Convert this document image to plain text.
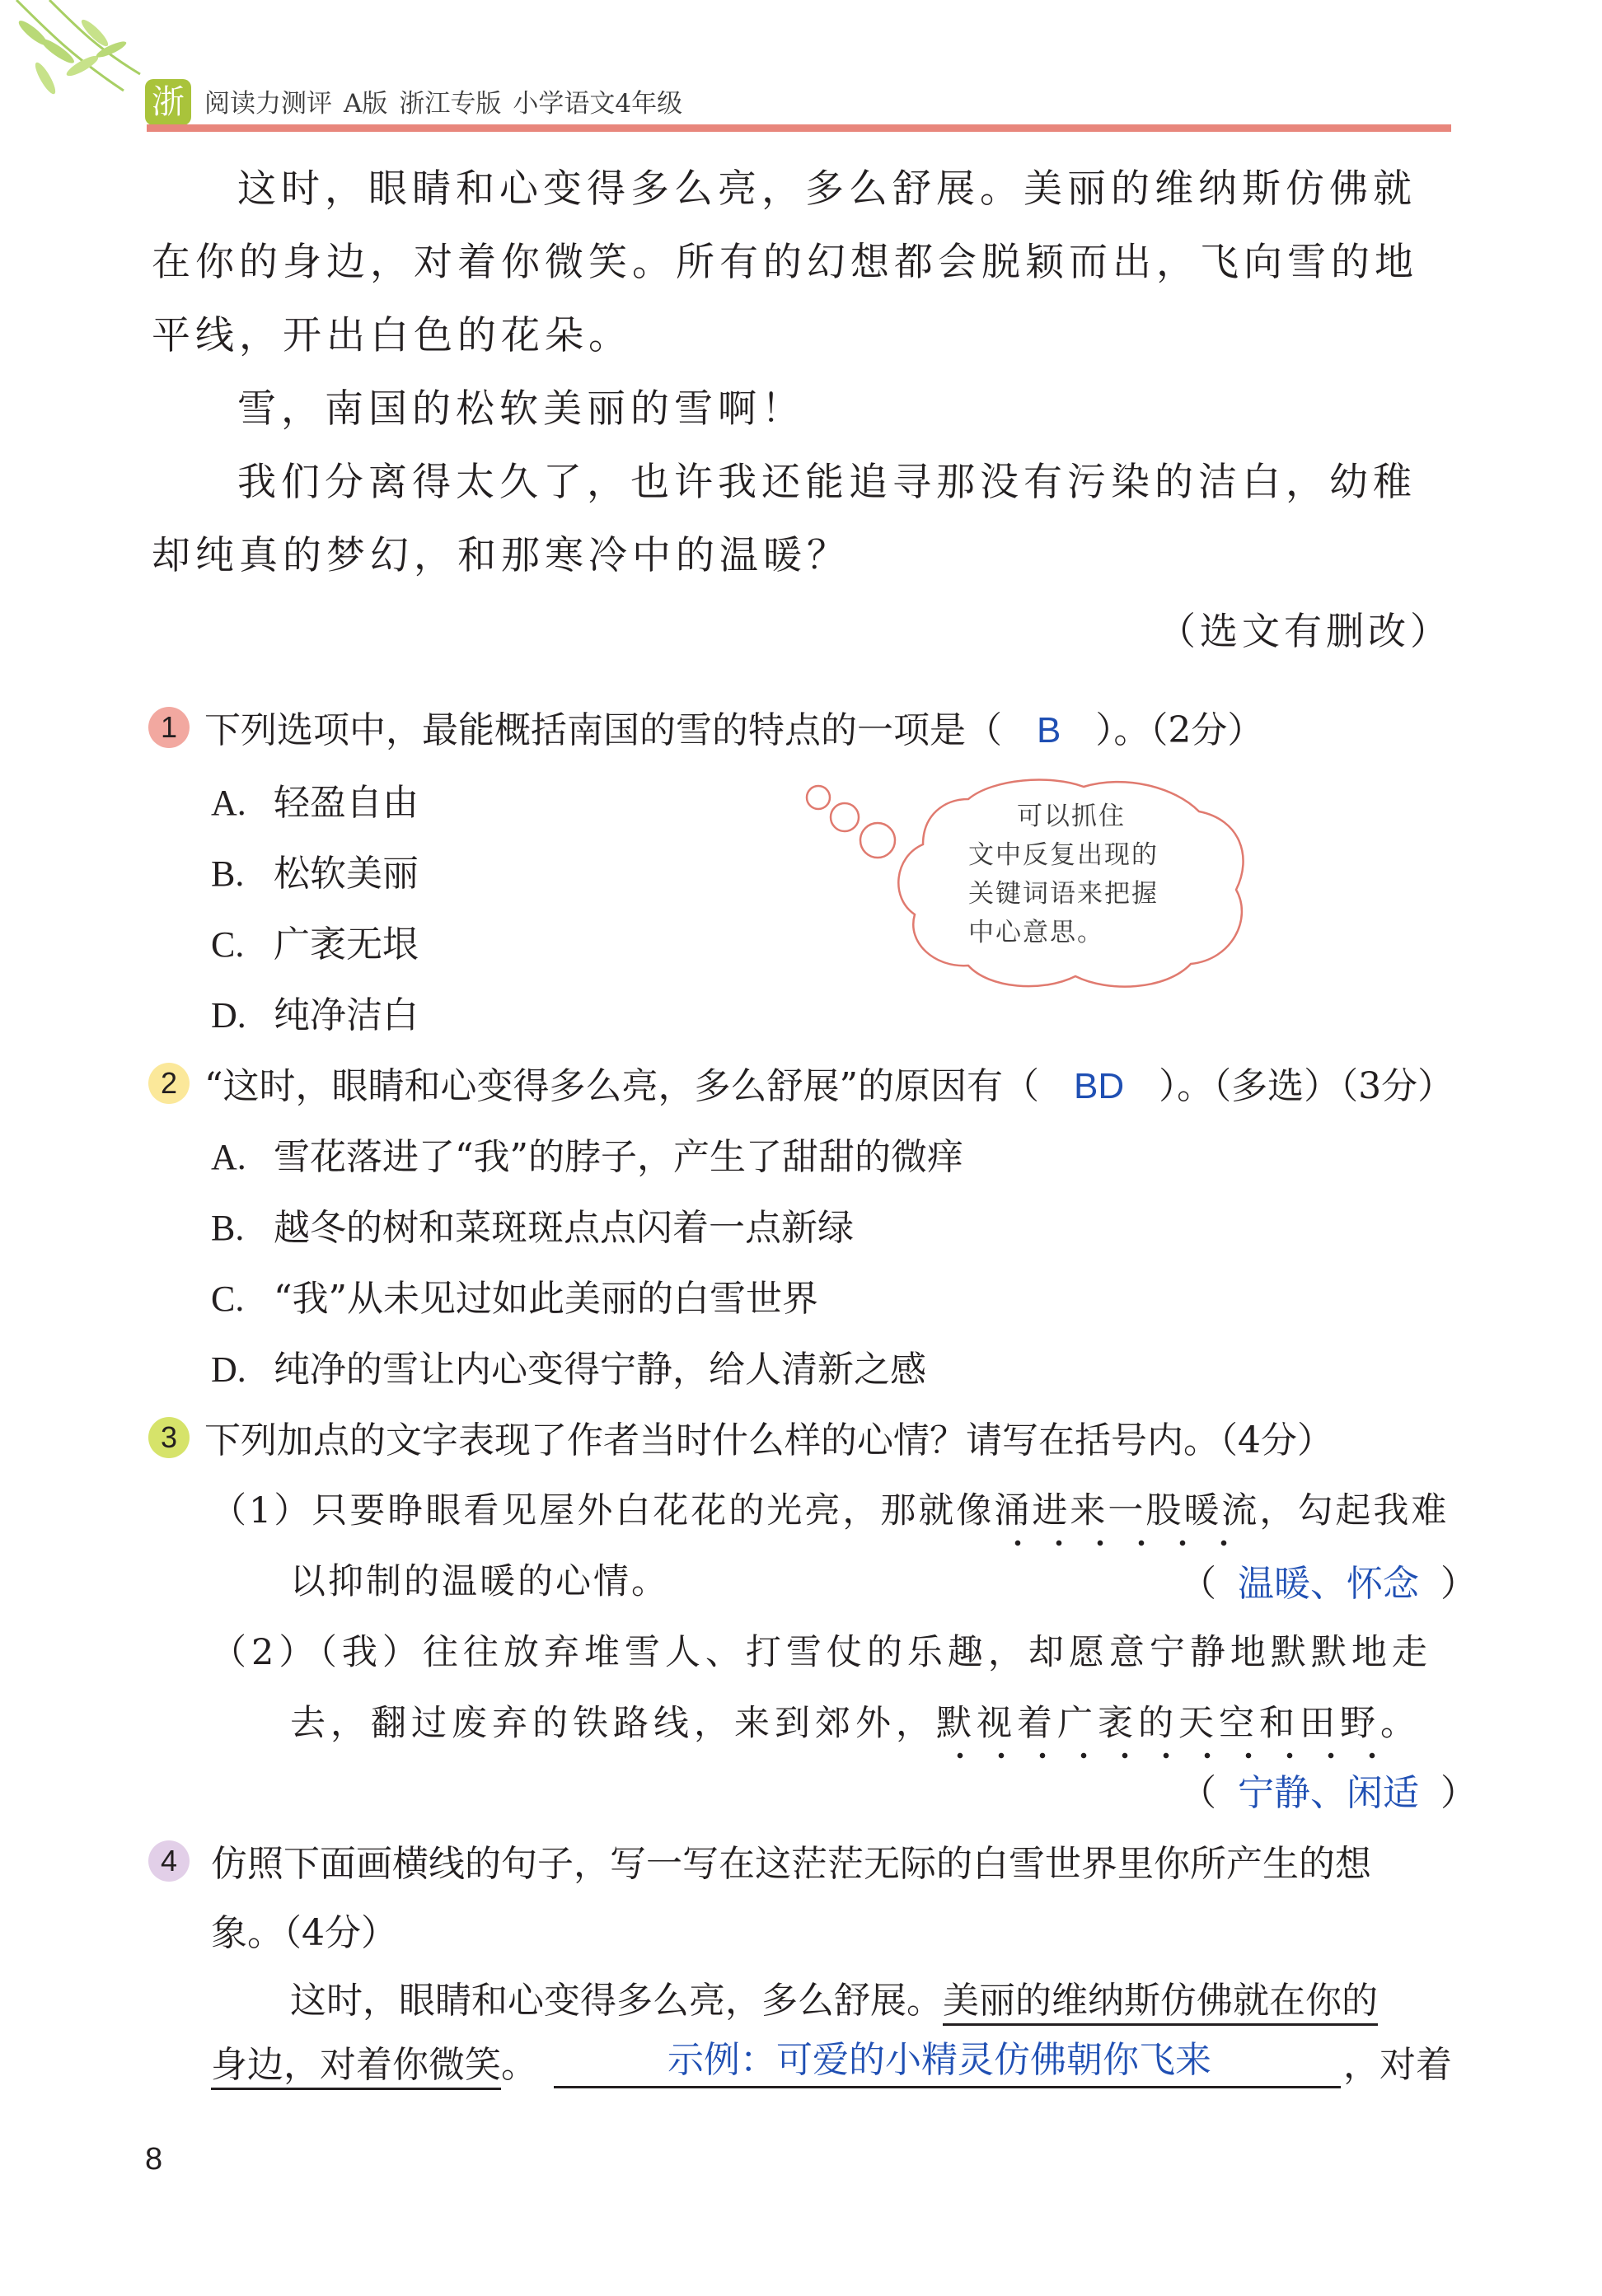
浙 阅读力测评 A版 浙江专版 小学语文4年级

这时，眼睛和心变得多么亮，多么舒展。美丽的维纳斯仿佛就在你的身边，对着你微笑。所有的幻想都会脱颖而出，飞向雪的地平线，开出白色的花朵。

雪，南国的松软美丽的雪啊！

我们分离得太久了，也许我还能追寻那没有污染的洁白，幼稚却纯真的梦幻，和那寒冷中的温暖？

（选文有删改）
1 下列选项中，最能概括南国的雪的特点的一项是（ B ）。（2分）
A. 轻盈自由
B. 松软美丽
C. 广袤无垠
D. 纯净洁白
可以抓住
文中反复出现的
关键词语来把握
中心意思。
2 “这时，眼睛和心变得多么亮，多么舒展”的原因有（ BD ）。（多选）（3分）
A. 雪花落进了“我”的脖子，产生了甜甜的微痒
B. 越冬的树和菜斑斑点点闪着一点新绿
C. “我”从未见过如此美丽的白雪世界
D. 纯净的雪让内心变得宁静，给人清新之感
3 下列加点的文字表现了作者当时什么样的心情？请写在括号内。（4分）
（1）只要睁眼看见屋外白花花的光亮，那就像涌进来一股暖流，勾起我难
以抑制的温暖的心情。	（ 温暖、怀念 ）
（2）（我）往往放弃堆雪人、打雪仗的乐趣，却愿意宁静地默默地走
去，翻过废弃的铁路线，来到郊外，默视着广袤的天空和田野。
（ 宁静、闲适 ）
4 仿照下面画横线的句子，写一写在这茫茫无际的白雪世界里你所产生的想
象。（4分）
这时，眼睛和心变得多么亮，多么舒展。美丽的维纳斯仿佛就在你的
身边，对着你微笑。	示例：可爱的小精灵仿佛朝你飞来	，对着
8
